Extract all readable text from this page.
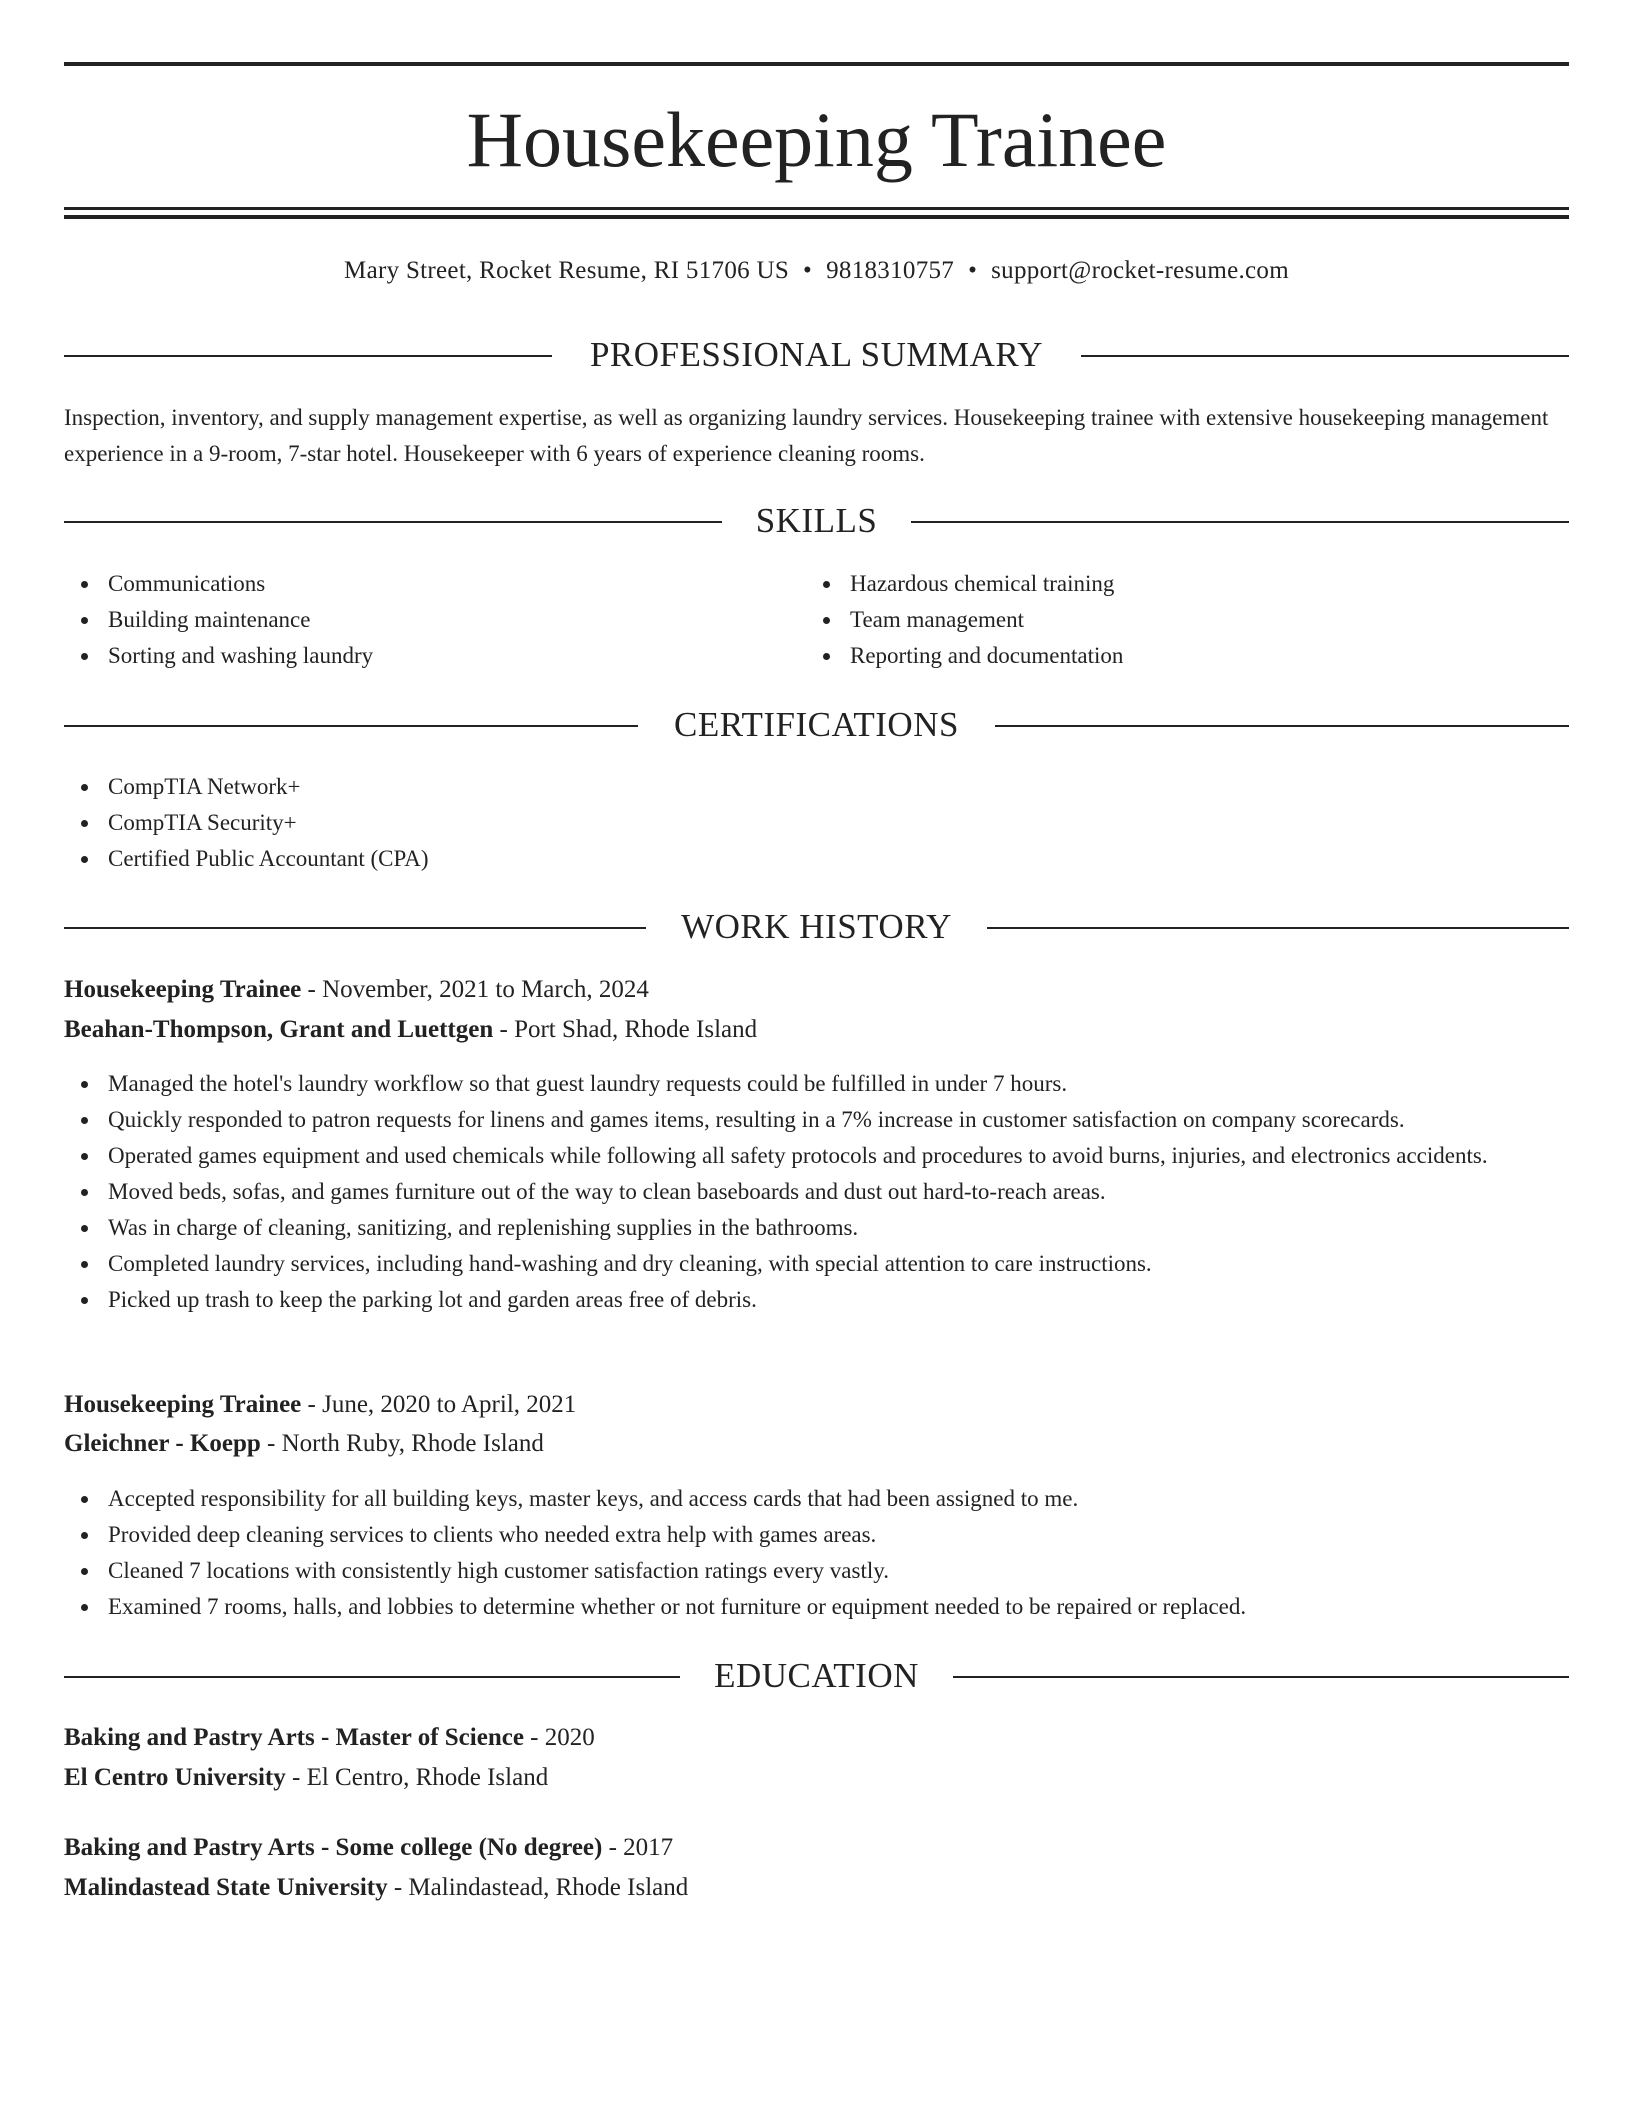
Housekeeping Trainee
Mary Street, Rocket Resume, RI 51706 US • 9818310757 • support@rocket-resume.com
PROFESSIONAL SUMMARY

Inspection, inventory, and supply management expertise, as well as organizing laundry services. Housekeeping trainee with extensive housekeeping management experience in a 9-room, 7-star hotel. Housekeeper with 6 years of experience cleaning rooms.

SKILLS
Communications
Building maintenance
Sorting and washing laundry
Hazardous chemical training
Team management
Reporting and documentation
CERTIFICATIONS
CompTIA Network+
CompTIA Security+
Certified Public Accountant (CPA)
WORK HISTORY
Housekeeping Trainee - November, 2021 to March, 2024
Beahan-Thompson, Grant and Luettgen - Port Shad, Rhode Island
Managed the hotel's laundry workflow so that guest laundry requests could be fulfilled in under 7 hours.
Quickly responded to patron requests for linens and games items, resulting in a 7% increase in customer satisfaction on company scorecards.
Operated games equipment and used chemicals while following all safety protocols and procedures to avoid burns, injuries, and electronics accidents.
Moved beds, sofas, and games furniture out of the way to clean baseboards and dust out hard-to-reach areas.
Was in charge of cleaning, sanitizing, and replenishing supplies in the bathrooms.
Completed laundry services, including hand-washing and dry cleaning, with special attention to care instructions.
Picked up trash to keep the parking lot and garden areas free of debris.
Housekeeping Trainee - June, 2020 to April, 2021
Gleichner - Koepp - North Ruby, Rhode Island
Accepted responsibility for all building keys, master keys, and access cards that had been assigned to me.
Provided deep cleaning services to clients who needed extra help with games areas.
Cleaned 7 locations with consistently high customer satisfaction ratings every vastly.
Examined 7 rooms, halls, and lobbies to determine whether or not furniture or equipment needed to be repaired or replaced.
EDUCATION
Baking and Pastry Arts - Master of Science - 2020
El Centro University - El Centro, Rhode Island
Baking and Pastry Arts - Some college (No degree) - 2017
Malindastead State University - Malindastead, Rhode Island
